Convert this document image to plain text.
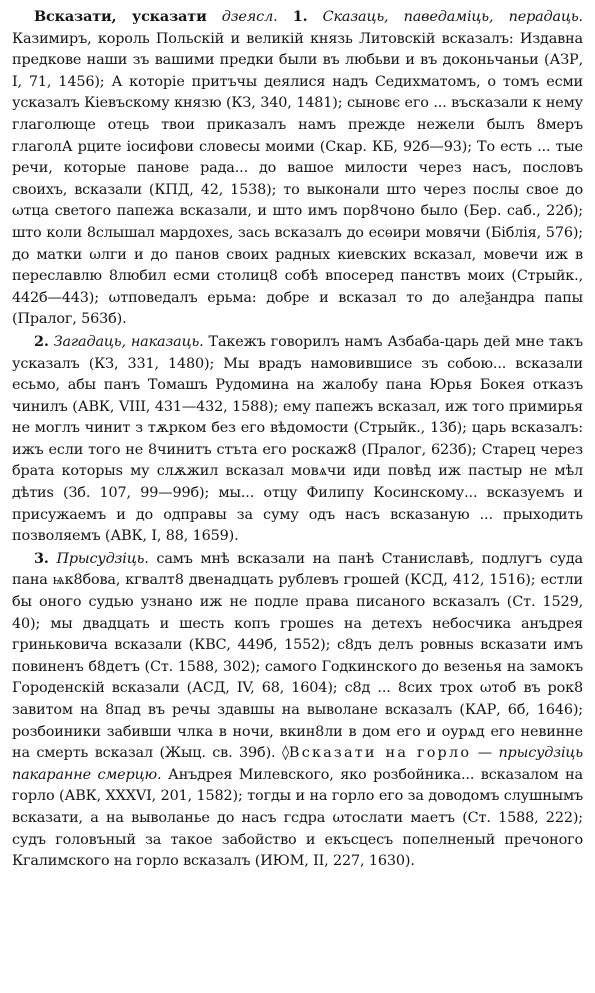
Всказати, усказати дзеясл. 1. Сказаць, паведаміць, перадаць. Казимиръ, король Польскій и великій князь Литовскій всказалъ: Издавна предкове наши зъ вашими предки были въ любьви и въ доконьчаньи (АЗР, I, 71, 1456); А которіе притъчы деялися надъ Седихматомъ, о томъ есми усказалъ Кіевъскому князю (КЗ, 340, 1481); сыновє его ... въсказали к нему глаголюще отець твои приказалъ намъ прежде нежели былъ 8меръ глаголА рците іосифови словесы моими (Скар. КБ, 92б—93); То есть ... тые речи, которые панове рада... до вашое милости через насъ, пословъ своихъ, всказали (КПД, 42, 1538); то выконали што через послы свое до ωтца светого папежа всказали, и што имъ пор8чоно было (Бер. саб., 22б); што коли 8слышал мардохеѕ, зась всказалъ до есѳири мовячи (Біблія, 576); до матки ωлги и до панов своих радных киевских всказал, мовечи иж в переславлю 8любил есми столиц8 собѣ впосеред панствъ моих (Стрыйк., 442б—443); ωтповедалъ ерьма: добре и всказал то до алеѯандра папы (Пралог, 563б).

2. Загадаць, наказаць. Такежъ говорилъ намъ Азбаба-царь дей мне такъ усказалъ (КЗ, 331, 1480); Мы врадъ намовившисе зъ собою... всказали есьмо, абы панъ Томашъ Рудомина на жалобу пана Юрья Бокея отказъ чинилъ (АВК, VIII, 431—432, 1588); ему папежъ всказал, иж того примирья не моглъ чинит з тѫрком без его вѣдомости (Стрыйк., 13б); царь всказалъ: ижъ если того не 8чинитъ стъта его роскаж8 (Пралог, 623б); Старец через брата которыѕ му слѫжил всказал мовѧчи иди повѣд иж пастыр не мѣл дѣтиѕ (Зб. 107, 99—99б); мы... отцу Филипу Косинскому... всказуемъ и присужаемъ и до одправы за суму одъ насъ всказаную ... прыходить позволяемъ (АВК, I, 88, 1659).

3. Прысудзіць. самъ мнѣ всказали на панѣ Станиславѣ, подлугъ суда пана ѩк8бова, кгвалт8 двенадцать рублевъ грошей (КСД, 412, 1516); естли бы оного судью узнано иж не подле права писаного всказалъ (Ст. 1529, 40); мы двадцать и шесть копъ грошеѕ на детехъ небосчика анъдрея гриньковича всказали (КВС, 449б, 1552); с8дъ делъ ровныѕ всказати имъ повиненъ б8детъ (Ст. 1588, 302); самого Годкинского до везенья на замокъ Городенскій всказали (АСД, IV, 68, 1604); с8д ... 8сих трох ωтоб въ рок8 завитом на 8пад въ речы здавшы на выволане всказалъ (КАР, 6б, 1646); розбоиники забивши члка в ночи, вкин8ли в дом его и оурѧд его невинне на смерть всказал (Жыц. св. 39б). ◊Всказати на горло — прысудзіць пакаранне смерцю. Анъдрея Милевского, яко розбойника... всказалом на горло (АВК, XXXVI, 201, 1582); тогды и на горло его за доводомъ слушнымъ всказати, а на выволанье до насъ гсдра ωтослати маетъ (Ст. 1588, 222); судъ головъный за такое забойство и екъсцесъ попелненый пречоного Кгалимского на горло всказалъ (ИЮМ, II, 227, 1630).
